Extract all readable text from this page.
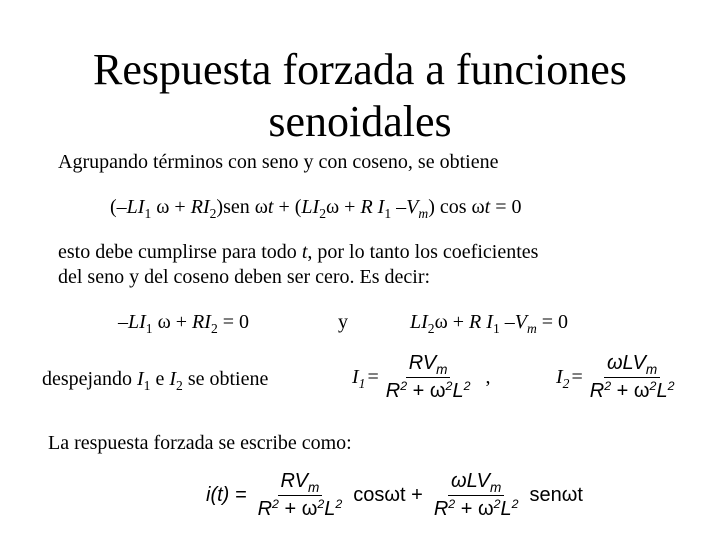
Respuesta forzada a funciones
senoidales
Agrupando términos con seno y con coseno, se obtiene
($-LI_1$ $\omega + RI_2)sen$ $\omega t + (LI_2\omega + R$ $I_1$ $-V_m$) cos ωt = 0
esto debe cumplirse para todo t, por lo tanto los coeficientes
del seno y del coseno deben ser cero. Es decir:
$-LI_1$ $\omega + RI_2 = 0$	y	$LI_2\omega + R$ $I_1$ $-V_m = 0$
despejando $I_1$ e $I_2$ se obtiene	$I_1 = \frac{RV_m}{R^2 + \omega^2L^2}$ ,	$I_2 = \frac{\omega LV_m}{R^2 + \omega^2L^2}$
La respuesta forzada se escribe como:
$i(t) = \frac{RV_m}{R^2 + \omega^2L^2}$ $\cos\omega t + \frac{\omega LV_m}{R^2 + \omega^2L^2}$ senωt
